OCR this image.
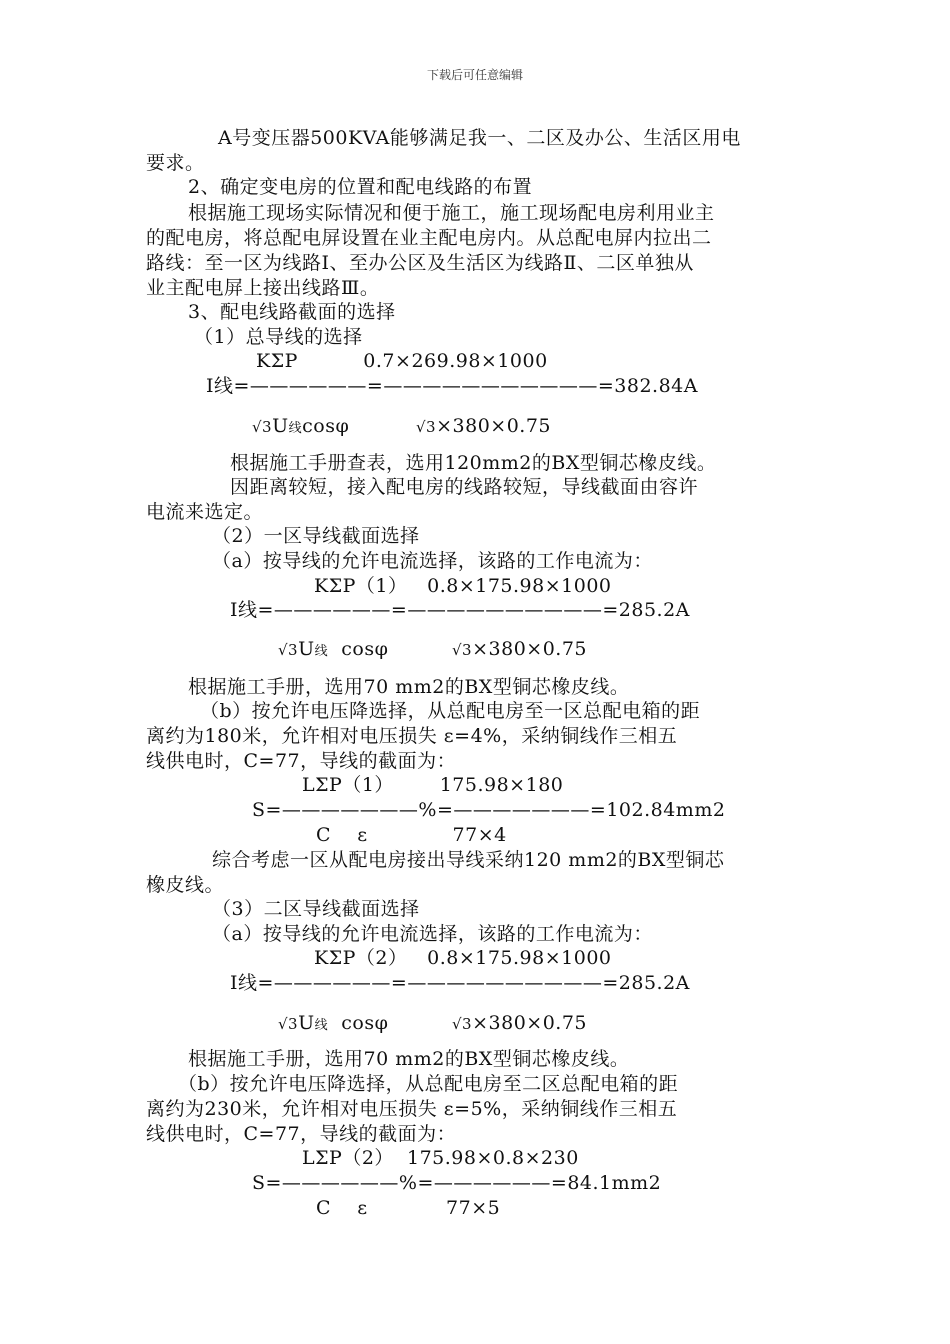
下载后可任意编辑
A号变压器500KVA能够满足我一、二区及办公、生活区用电
要求。
2、确定变电房的位置和配电线路的布置
根据施工现场实际情况和便于施工，施工现场配电房利用业主
的配电房，将总配电屏设置在业主配电房内。从总配电屏内拉出二
路线：至一区为线路Ⅰ、至办公区及生活区为线路Ⅱ、二区单独从
业主配电屏上接出线路Ⅲ。
3、配电线路截面的选择
（1）总导线的选择
KΣP          0.7×269.98×1000
Ⅰ线=——————=———————————=382.84A
√3U线cosφ	√3×380×0.75
根据施工手册查表，选用120mm2的BX型铜芯橡皮线。
因距离较短，接入配电房的线路较短，导线截面由容许
电流来选定。
（2）一区导线截面选择
（a）按导线的允许电流选择，该路的工作电流为：
KΣP（1）   0.8×175.98×1000
Ⅰ线=——————=——————————=285.2A
√3U线 cosφ	√3×380×0.75
根据施工手册，选用70 mm2的BX型铜芯橡皮线。
（b）按允许电压降选择，从总配电房至一区总配电箱的距
离约为180米，允许相对电压损失 ε=4%，采纳铜线作三相五
线供电时，C=77，导线的截面为：
LΣP（1）       175.98×180
S=———————%=———————=102.84mm2
C    ε             77×4
综合考虑一区从配电房接出导线采纳120 mm2的BX型铜芯
橡皮线。
（3）二区导线截面选择
（a）按导线的允许电流选择，该路的工作电流为：
KΣP（2）   0.8×175.98×1000
Ⅰ线=——————=——————————=285.2A
√3U线 cosφ	√3×380×0.75
根据施工手册，选用70 mm2的BX型铜芯橡皮线。
（b）按允许电压降选择，从总配电房至二区总配电箱的距
离约为230米，允许相对电压损失 ε=5%，采纳铜线作三相五
线供电时，C=77，导线的截面为：
LΣP（2）  175.98×0.8×230
S=——————%=——————=84.1mm2
C    ε            77×5
